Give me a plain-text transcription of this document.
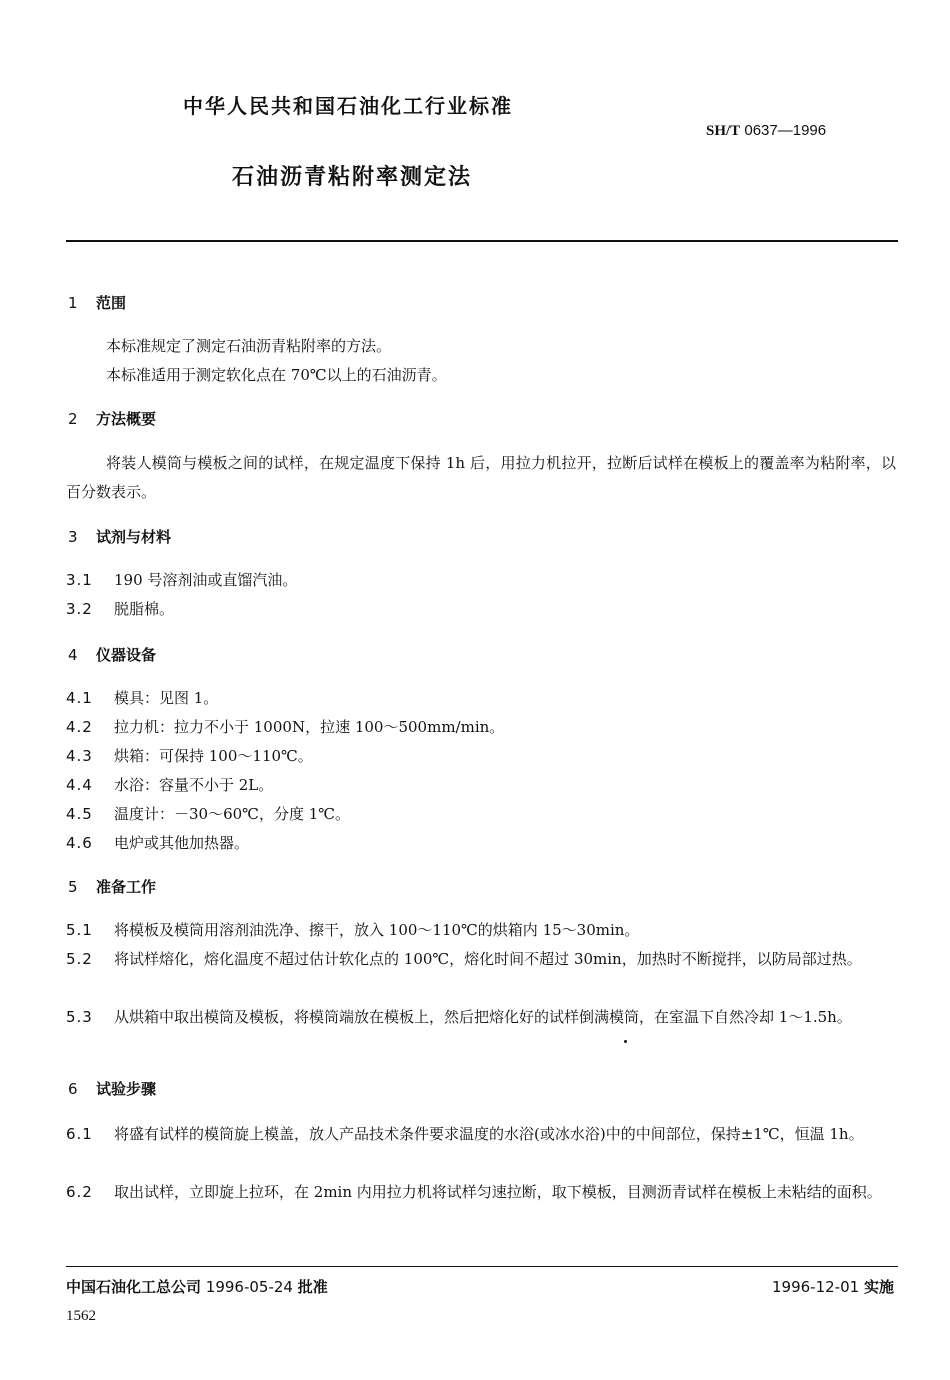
中华人民共和国石油化工行业标准
SH/T 0637—1996
石油沥青粘附率测定法
1 范围
本标准规定了测定石油沥青粘附率的方法。
本标准适用于测定软化点在 70℃以上的石油沥青。
2 方法概要
将装人模筒与模板之间的试样，在规定温度下保持 1h 后，用拉力机拉开，拉断后试样在模板上的覆盖率为粘附率，以百分数表示。
3 试剂与材料
3.1 190 号溶剂油或直馏汽油。
3.2 脱脂棉。
4 仪器设备
4.1 模具：见图 1。
4.2 拉力机：拉力不小于 1000N，拉速 100～500mm/min。
4.3 烘箱：可保持 100～110℃。
4.4 水浴：容量不小于 2L。
4.5 温度计：－30～60℃，分度 1℃。
4.6 电炉或其他加热器。
5 准备工作
5.1 将模板及模筒用溶剂油洗净、擦干，放入 100～110℃的烘箱内 15～30min。
5.2 将试样熔化，熔化温度不超过估计软化点的 100℃，熔化时间不超过 30min，加热时不断搅拌，以防局部过热。
5.3 从烘箱中取出模筒及模板，将模筒端放在模板上，然后把熔化好的试样倒满模筒，在室温下自然冷却 1～1.5h。
6 试验步骤
6.1 将盛有试样的模筒旋上模盖，放人产品技术条件要求温度的水浴(或冰水浴)中的中间部位，保持±1℃，恒温 1h。
6.2 取出试样，立即旋上拉环，在 2min 内用拉力机将试样匀速拉断，取下模板，目测沥青试样在模板上未粘结的面积。
中国石油化工总公司 1996-05-24 批准	1996-12-01 实施
1562
